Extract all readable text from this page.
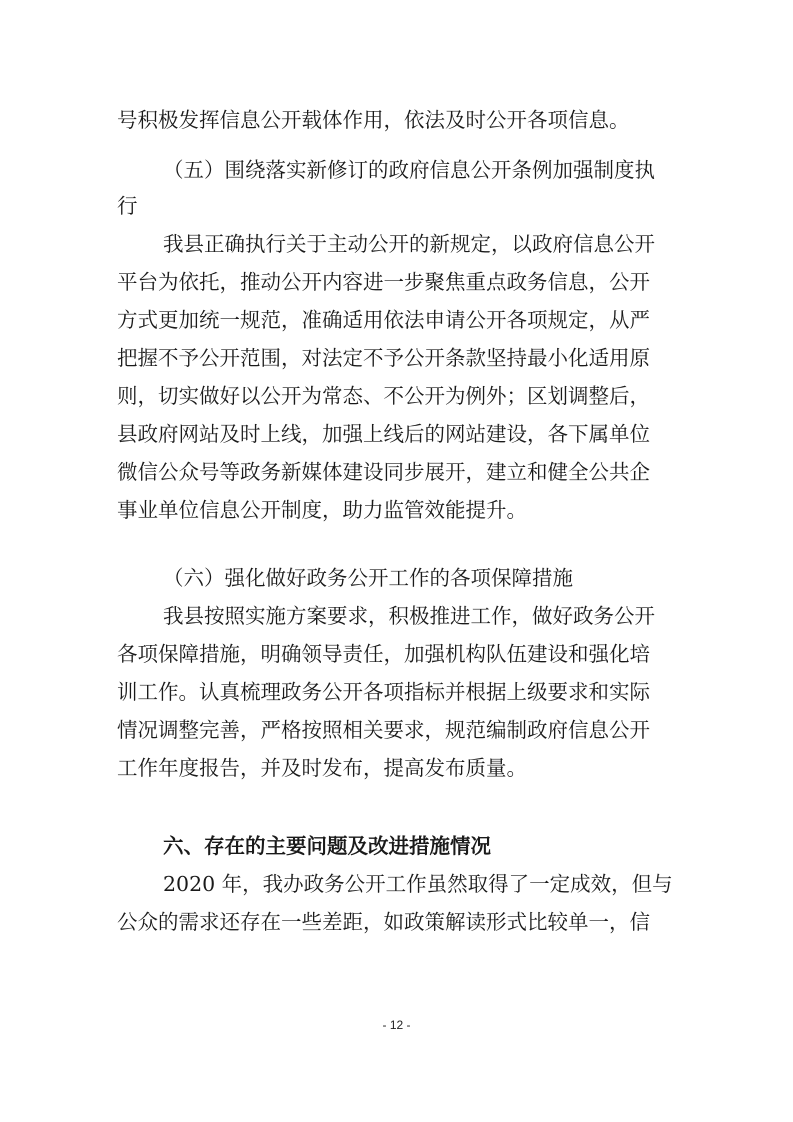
号积极发挥信息公开载体作用，依法及时公开各项信息。
（五）围绕落实新修订的政府信息公开条例加强制度执
行
我县正确执行关于主动公开的新规定，以政府信息公开
平台为依托，推动公开内容进一步聚焦重点政务信息，公开
方式更加统一规范，准确适用依法申请公开各项规定，从严
把握不予公开范围，对法定不予公开条款坚持最小化适用原
则，切实做好以公开为常态、不公开为例外；区划调整后，
县政府网站及时上线，加强上线后的网站建设，各下属单位
微信公众号等政务新媒体建设同步展开，建立和健全公共企
事业单位信息公开制度，助力监管效能提升。
（六）强化做好政务公开工作的各项保障措施
我县按照实施方案要求，积极推进工作，做好政务公开
各项保障措施，明确领导责任，加强机构队伍建设和强化培
训工作。认真梳理政务公开各项指标并根据上级要求和实际
情况调整完善，严格按照相关要求，规范编制政府信息公开
工作年度报告，并及时发布，提高发布质量。
六、存在的主要问题及改进措施情况
2020 年，我办政务公开工作虽然取得了一定成效，但与
公众的需求还存在一些差距，如政策解读形式比较单一，信
- 12 -
